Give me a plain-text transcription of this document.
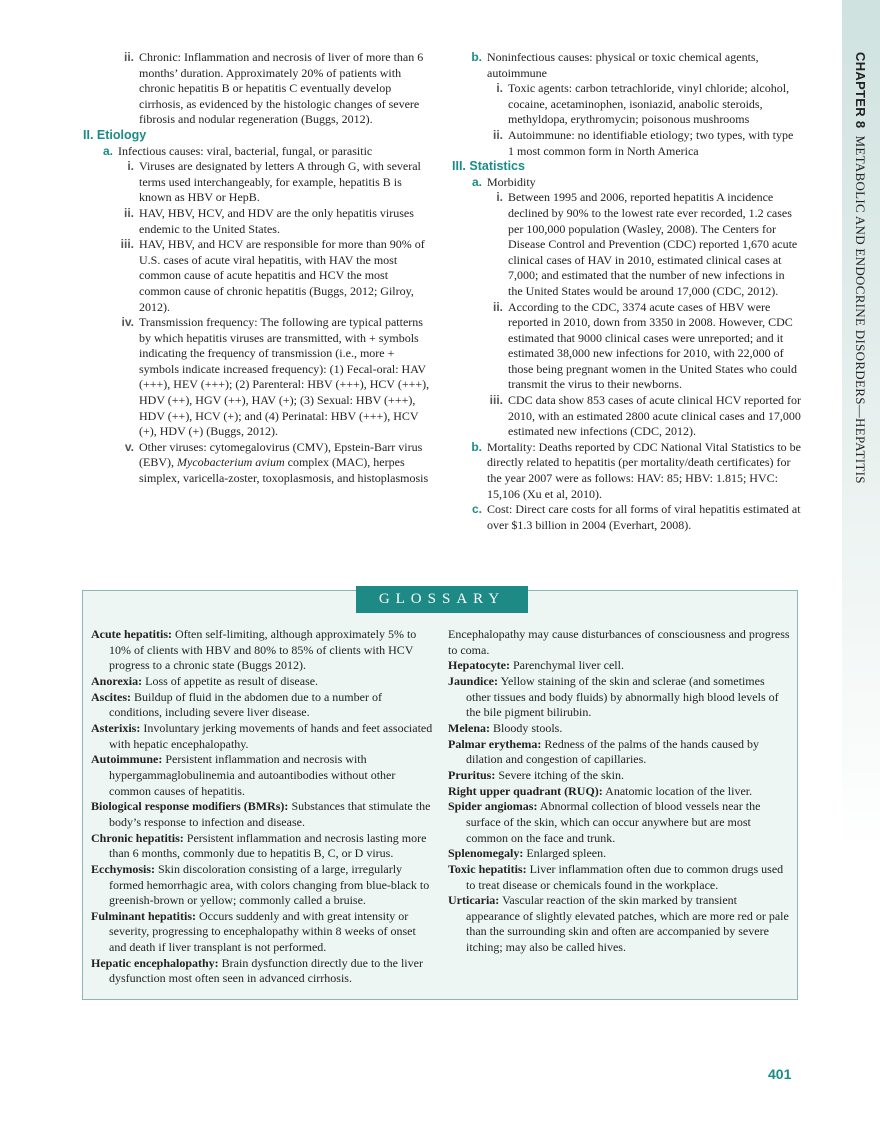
CHAPTER 8  METABOLIC AND ENDOCRINE DISORDERS—HEPATITIS
ii. Chronic: Inflammation and necrosis of liver of more than 6 months’ duration. Approximately 20% of patients with chronic hepatitis B or hepatitis C eventually develop cirrhosis, as evidenced by the histologic changes of severe fibrosis and nodular regeneration (Buggs, 2012).
II. Etiology
a. Infectious causes: viral, bacterial, fungal, or parasitic
i. Viruses are designated by letters A through G, with several terms used interchangeably, for example, hepatitis B is known as HBV or HepB.
ii. HAV, HBV, HCV, and HDV are the only hepatitis viruses endemic to the United States.
iii. HAV, HBV, and HCV are responsible for more than 90% of U.S. cases of acute viral hepatitis, with HAV the most common cause of acute hepatitis and HCV the most common cause of chronic hepatitis (Buggs, 2012; Gilroy, 2012).
iv. Transmission frequency: The following are typical patterns by which hepatitis viruses are transmitted, with + symbols indicating the frequency of transmission (i.e., more + symbols indicate increased frequency): (1) Fecal-oral: HAV (+++), HEV (+++); (2) Parenteral: HBV (+++), HCV (+++), HDV (++), HGV (++), HAV (+); (3) Sexual: HBV (+++), HDV (++), HCV (+); and (4) Perinatal: HBV (+++), HCV (+), HDV (+) (Buggs, 2012).
v. Other viruses: cytomegalovirus (CMV), Epstein-Barr virus (EBV), Mycobacterium avium complex (MAC), herpes simplex, varicella-zoster, toxoplasmosis, and histoplasmosis
b. Noninfectious causes: physical or toxic chemical agents, autoimmune
i. Toxic agents: carbon tetrachloride, vinyl chloride; alcohol, cocaine, acetaminophen, isoniazid, anabolic steroids, methyldopa, erythromycin; poisonous mushrooms
ii. Autoimmune: no identifiable etiology; two types, with type 1 most common form in North America
III. Statistics
a. Morbidity
i. Between 1995 and 2006, reported hepatitis A incidence declined by 90% to the lowest rate ever recorded, 1.2 cases per 100,000 population (Wasley, 2008). The Centers for Disease Control and Prevention (CDC) reported 1,670 acute clinical cases of HAV in 2010, estimated clinical cases at 7,000; and estimated that the number of new infections in the United States would be around 17,000 (CDC, 2012).
ii. According to the CDC, 3374 acute cases of HBV were reported in 2010, down from 3350 in 2008. However, CDC estimated that 9000 clinical cases were unreported; and it estimated 38,000 new infections for 2010, with 22,000 of those being pregnant women in the United States who could transmit the virus to their newborns.
iii. CDC data show 853 cases of acute clinical HCV reported for 2010, with an estimated 2800 acute clinical cases and 17,000 estimated new infections (CDC, 2012).
b. Mortality: Deaths reported by CDC National Vital Statistics to be directly related to hepatitis (per mortality/death certificates) for the year 2007 were as follows: HAV: 85; HBV: 1.815; HVC: 15,106 (Xu et al, 2010).
c. Cost: Direct care costs for all forms of viral hepatitis estimated at over $1.3 billion in 2004 (Everhart, 2008).
GLOSSARY
Acute hepatitis: Often self-limiting, although approximately 5% to 10% of clients with HBV and 80% to 85% of clients with HCV progress to a chronic state (Buggs 2012).
Anorexia: Loss of appetite as result of disease.
Ascites: Buildup of fluid in the abdomen due to a number of conditions, including severe liver disease.
Asterixis: Involuntary jerking movements of hands and feet associated with hepatic encephalopathy.
Autoimmune: Persistent inflammation and necrosis with hypergammaglobulinemia and autoantibodies without other common causes of hepatitis.
Biological response modifiers (BMRs): Substances that stimulate the body’s response to infection and disease.
Chronic hepatitis: Persistent inflammation and necrosis lasting more than 6 months, commonly due to hepatitis B, C, or D virus.
Ecchymosis: Skin discoloration consisting of a large, irregularly formed hemorrhagic area, with colors changing from blue-black to greenish-brown or yellow; commonly called a bruise.
Fulminant hepatitis: Occurs suddenly and with great intensity or severity, progressing to encephalopathy within 8 weeks of onset and death if liver transplant is not performed.
Hepatic encephalopathy: Brain dysfunction directly due to the liver dysfunction most often seen in advanced cirrhosis.
Encephalopathy may cause disturbances of consciousness and progress to coma.
Hepatocyte: Parenchymal liver cell.
Jaundice: Yellow staining of the skin and sclerae (and sometimes other tissues and body fluids) by abnormally high blood levels of the bile pigment bilirubin.
Melena: Bloody stools.
Palmar erythema: Redness of the palms of the hands caused by dilation and congestion of capillaries.
Pruritus: Severe itching of the skin.
Right upper quadrant (RUQ): Anatomic location of the liver.
Spider angiomas: Abnormal collection of blood vessels near the surface of the skin, which can occur anywhere but are most common on the face and trunk.
Splenomegaly: Enlarged spleen.
Toxic hepatitis: Liver inflammation often due to common drugs used to treat disease or chemicals found in the workplace.
Urticaria: Vascular reaction of the skin marked by transient appearance of slightly elevated patches, which are more red or pale than the surrounding skin and often are accompanied by severe itching; may also be called hives.
401
